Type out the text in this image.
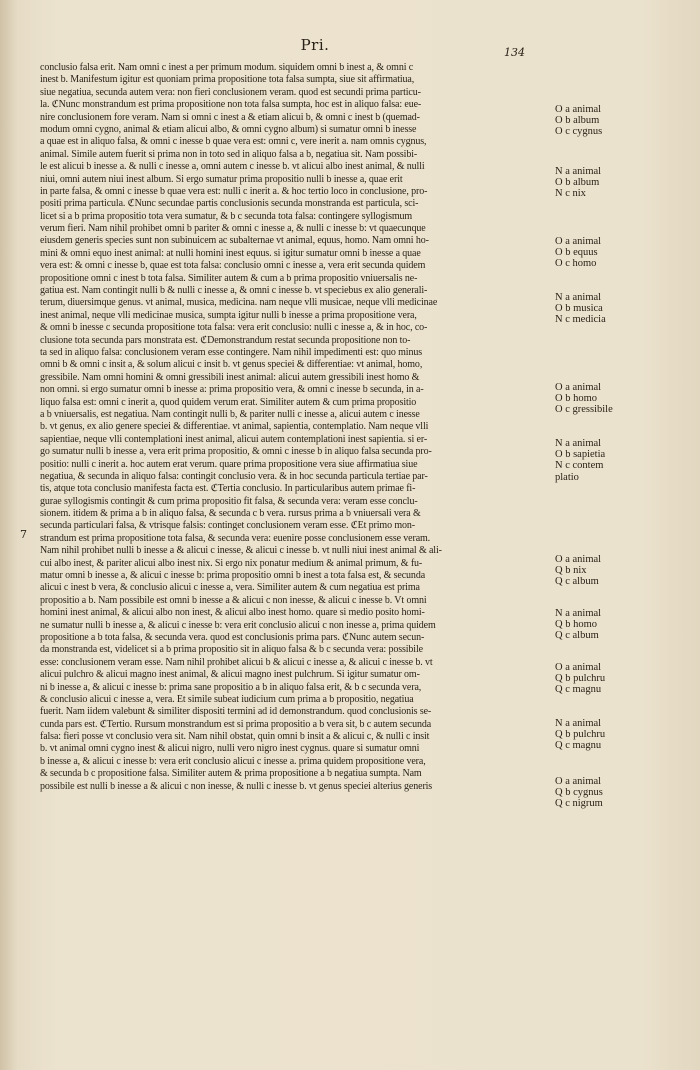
Pri.	134
7
conclusio falsa erit. Nam omni c inest a per primum modum. siquidem omni b inest a, & omni c
inest b. Manifestum igitur est quoniam prima propositione tota falsa sumpta, siue sit affirmatiua,
siue negatiua, secunda autem vera: non fieri conclusionem veram. quod est secundi prima particu-
la. ℭNunc monstrandum est prima propositione non tota falsa sumpta, hoc est in aliquo falsa: eue-
nire conclusionem fore veram. Nam si omni c inest a & etiam alicui b, & omni c inest b (quemad-
modum omni cygno, animal & etiam alicui albo, & omni cygno album) si sumatur omni b inesse
a quae est in aliquo falsa, & omni c inesse b quae vera est: omni c, vere inerit a. nam omnis cygnus,
animal. Simile autem fuerit si prima non in toto sed in aliquo falsa a b, negatiua sit. Nam possibi-
le est alicui b inesse a. & nulli c inesse a, omni autem c inesse b. vt alicui albo inest animal, & nulli
niui, omni autem niui inest album. Si ergo sumatur prima propositio nulli b inesse a, quae erit
in parte falsa, & omni c inesse b quae vera est: nulli c inerit a. & hoc tertio loco in conclusione, pro-
positi prima particula. ℭNunc secundae partis conclusionis secunda monstranda est particula, sci-
licet si a b prima propositio tota vera sumatur, & b c secunda tota falsa: contingere syllogismum
verum fieri. Nam nihil prohibet omni b pariter & omni c inesse a, & nulli c inesse b: vt quaecunque
eiusdem generis species sunt non subinuicem ac subalternae vt animal, equus, homo. Nam omni ho-
mini & omni equo inest animal: at nulli homini inest equus. si igitur sumatur omni b inesse a quae
vera est: & omni c inesse b, quae est tota falsa: conclusio omni c inesse a, vera erit secunda quidem
propositione omni c inest b tota falsa. Similiter autem & cum a b prima propositio vniuersalis ne-
gatiua est. Nam contingit nulli b & nulli c inesse a, & omni c inesse b. vt speciebus ex alio generali-
terum, diuersimque genus. vt animal, musica, medicina. nam neque vlli musicae, neque vlli medicinae
inest animal, neque vlli medicinae musica, sumpta igitur nulli b inesse a prima propositione vera,
& omni b inesse c secunda propositione tota falsa: vera erit conclusio: nulli c inesse a, & in hoc, co-
clusione tota secunda pars monstrata est. ℭDemonstrandum restat secunda propositione non to-
ta sed in aliquo falsa: conclusionem veram esse contingere. Nam nihil impedimenti est: quo minus
omni b & omni c insit a, & solum alicui c insit b. vt genus speciei & differentiae: vt animal, homo,
gressibile. Nam omni homini & omni gressibili inest animal: alicui autem gressibili inest homo &
non omni. si ergo sumatur omni b inesse a: prima propositio vera, & omni c inesse b secunda, in a-
liquo falsa est: omni c inerit a, quod quidem verum erat. Similiter autem & cum prima propositio
a b vniuersalis, est negatiua. Nam contingit nulli b, & pariter nulli c inesse a, alicui autem c inesse
b. vt genus, ex alio genere speciei & differentiae. vt animal, sapientia, contemplatio. Nam neque vlli
sapientiae, neque vlli contemplationi inest animal, alicui autem contemplationi inest sapientia. si er-
go sumatur nulli b inesse a, vera erit prima propositio, & omni c inesse b in aliquo falsa secunda pro-
positio: nulli c inerit a. hoc autem erat verum. quare prima propositione vera siue affirmatiua siue
negatiua, & secunda in aliquo falsa: contingit conclusio vera. & in hoc secunda particula tertiae par-
tis, atque tota conclusio manifesta facta est. ℭTertia conclusio. In particularibus autem primae fi-
gurae syllogismis contingit & cum prima propositio fit falsa, & secunda vera: veram esse conclu-
sionem. itidem & prima a b in aliquo falsa, & secunda c b vera. rursus prima a b vniuersali vera &
secunda particulari falsa, & vtrisque falsis: continget conclusionem veram esse. ℭEt primo mon-
strandum est prima propositione tota falsa, & secunda vera: euenire posse conclusionem esse veram.
Nam nihil prohibet nulli b inesse a & alicui c inesse, & alicui c inesse b. vt nulli niui inest animal & ali-
cui albo inest, & pariter alicui albo inest nix. Si ergo nix ponatur medium & animal primum, & fu-
matur omni b inesse a, & alicui c inesse b: prima propositio omni b inest a tota falsa est, & secunda
alicui c inest b vera, & conclusio alicui c inesse a, vera. Similiter autem & cum negatiua est prima
propositio a b. Nam possibile est omni b inesse a & alicui c non inesse, & alicui c inesse b. Vt omni
homini inest animal, & alicui albo non inest, & alicui albo inest homo. quare si medio posito homi-
ne sumatur nulli b inesse a, & alicui c inesse b: vera erit conclusio alicui c non inesse a, prima quidem
propositione a b tota falsa, & secunda vera. quod est conclusionis prima pars. ℭNunc autem secun-
da monstranda est, videlicet si a b prima propositio sit in aliquo falsa & b c secunda vera: possibile
esse: conclusionem veram esse. Nam nihil prohibet alicui b & alicui c inesse a, & alicui c inesse b. vt
alicui pulchro & alicui magno inest animal, & alicui magno inest pulchrum. Si igitur sumatur om-
ni b inesse a, & alicui c inesse b: prima sane propositio a b in aliquo falsa erit, & b c secunda vera,
& conclusio alicui c inesse a, vera. Et simile subeat iudicium cum prima a b propositio, negatiua
fuerit. Nam iidem valebunt & similiter dispositi termini ad id demonstrandum. quod conclusionis se-
cunda pars est. ℭTertio. Rursum monstrandum est si prima propositio a b vera sit, b c autem secunda
falsa: fieri posse vt conclusio vera sit. Nam nihil obstat, quin omni b insit a & alicui c, & nulli c insit
b. vt animal omni cygno inest & alicui nigro, nulli vero nigro inest cygnus. quare si sumatur omni
b inesse a, & alicui c inesse b: vera erit conclusio alicui c inesse a. prima quidem propositione vera,
& secunda b c propositione falsa. Similiter autem & prima propositione a b negatiua sumpta. Nam
possibile est nulli b inesse a & alicui c non inesse, & nulli c inesse b. vt genus speciei alterius generis
O a animal
O b album
O c cygnus
N a animal
O b album
N c nix
O a animal
O b equus
O c homo
N a animal
O b musica
N c medicia
O a animal
O b homo
O c gressibile
N a animal
O b sapietia
N c contem
platio
O a animal
Q b nix
Q c album
N a animal
Q b homo
Q c album
O a animal
Q b pulchru
Q c magnu
N a animal
Q b pulchru
Q c magnu
O a animal
Q b cygnus
Q c nigrum
